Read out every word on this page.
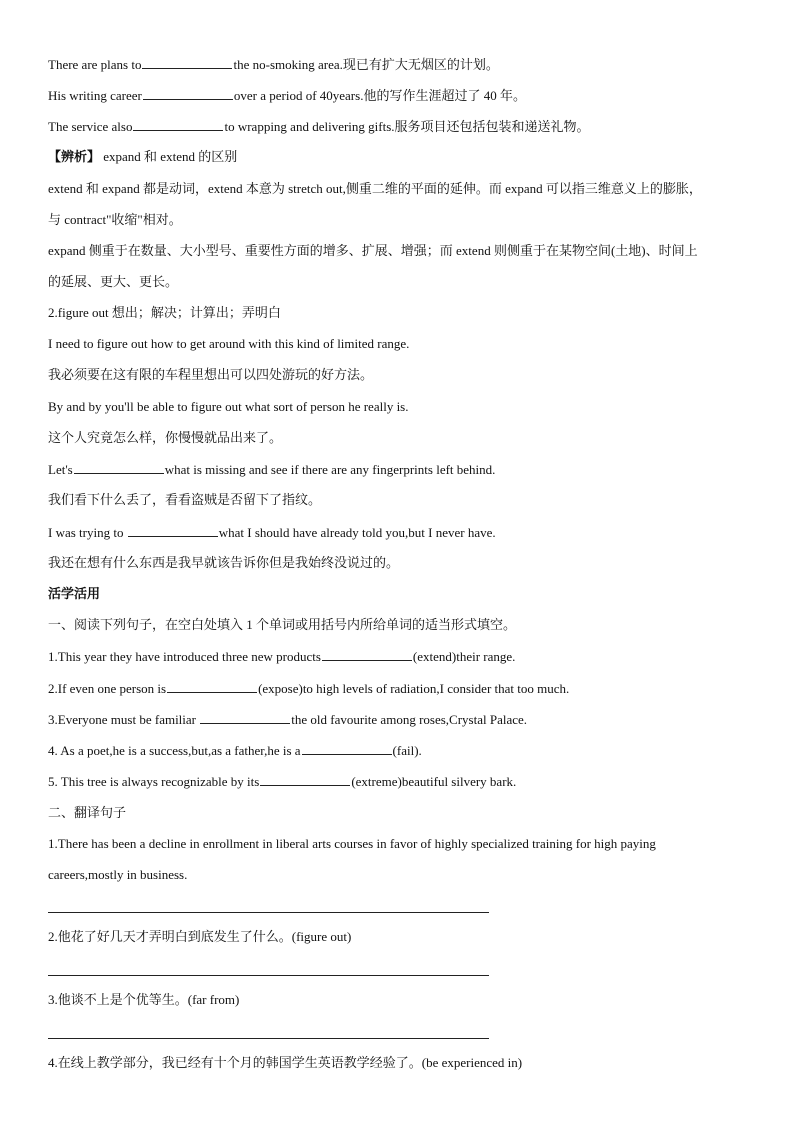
There are plans to	the no-smoking area.现已有扩大无烟区的计划。
His writing career	over a period of 40years.他的写作生涯超过了 40 年。
The service also	to wrapping and delivering gifts.服务项目还包括包装和递送礼物。
【辨析】 expand 和 extend 的区别
extend 和 expand 都是动词，extend 本意为 stretch out,侧重二维的平面的延伸。而 expand 可以指三维意义上的膨胀，
与 contract"收缩"相对。
expand 侧重于在数量、大小型号、重要性方面的增多、扩展、增强；而 extend 则侧重于在某物空间(土地)、时间上
的延展、更大、更长。
2.figure out 想出；解决；计算出；弄明白
I need to figure out how to get around with this kind of limited range.
我必须要在这有限的车程里想出可以四处游玩的好方法。
By and by you'll be able to figure out what sort of person he really is.
这个人究竟怎么样，你慢慢就品出来了。
Let's	what is missing and see if there are any fingerprints left behind.
我们看下什么丢了，看看盗贼是否留下了指纹。
I was trying to	what I should have already told you,but I never have.
我还在想有什么东西是我早就该告诉你但是我始终没说过的。
活学活用
一、阅读下列句子，在空白处填入 1 个单词或用括号内所给单词的适当形式填空。
1.This year they have introduced three new products	(extend)their range.
2.If even one person is	(expose)to high levels of radiation,I consider that too much.
3.Everyone must be familiar	the old favourite among roses,Crystal Palace.
4. As a poet,he is a success,but,as a father,he is a	(fail).
5. This tree is always recognizable by its	(extreme)beautiful silvery bark.
二、翻译句子
1.There has been a decline in enrollment in liberal arts courses in favor of highly specialized training for high paying
careers,mostly in business.
2.他花了好几天才弄明白到底发生了什么。(figure out)
3.他谈不上是个优等生。(far from)
4.在线上教学部分，我已经有十个月的韩国学生英语教学经验了。(be experienced in)
